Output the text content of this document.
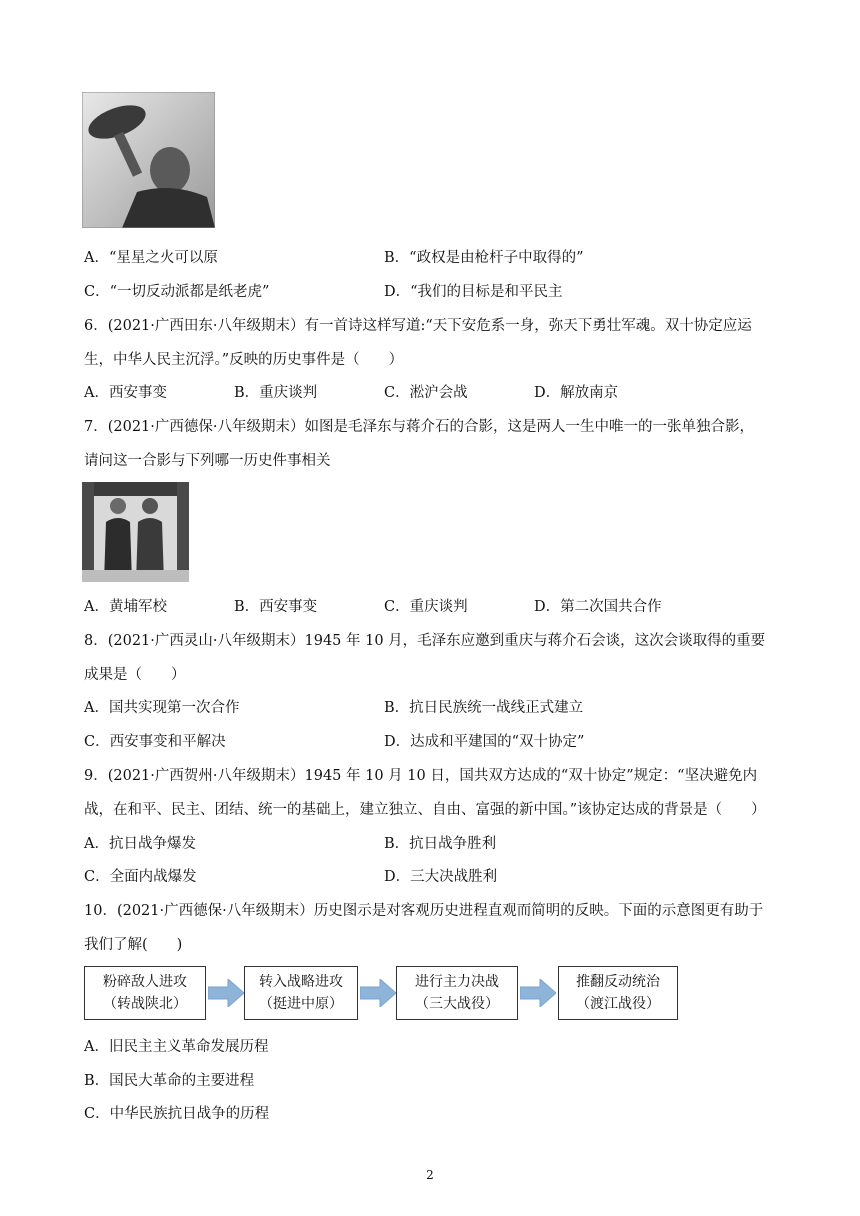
A．“星星之火可以原	B．“政权是由枪杆子中取得的”
C．“一切反动派都是纸老虎”	D．“我们的目标是和平民主
6．(2021·广西田东·八年级期末）有一首诗这样写道:“天下安危系一身，弥天下勇壮军魂。双十协定应运
生，中华人民主沉浮。”反映的历史事件是（　　）
A．西安事变	B．重庆谈判	C．淞沪会战	D．解放南京
7．(2021·广西德保·八年级期末）如图是毛泽东与蒋介石的合影，这是两人一生中唯一的一张单独合影，
请问这一合影与下列哪一历史件事相关
A．黄埔军校	B．西安事变	C．重庆谈判	D．第二次国共合作
8．(2021·广西灵山·八年级期末）1945 年 10 月，毛泽东应邀到重庆与蒋介石会谈，这次会谈取得的重要
成果是（　　）
A．国共实现第一次合作	B．抗日民族统一战线正式建立
C．西安事变和平解决	D．达成和平建国的“双十协定”
9．(2021·广西贺州·八年级期末）1945 年 10 月 10 日，国共双方达成的“双十协定”规定：“坚决避免内
战，在和平、民主、团结、统一的基础上，建立独立、自由、富强的新中国。”该协定达成的背景是（　　）
A．抗日战争爆发	B．抗日战争胜利
C．全面内战爆发	D．三大决战胜利
10．(2021·广西德保·八年级期末）历史图示是对客观历史进程直观而简明的反映。下面的示意图更有助于
我们了解(　　)
粉碎敌人进攻
（转战陕北）
转入战略进攻
（挺进中原）
进行主力决战
（三大战役）
推翻反动统治
（渡江战役）
A．旧民主主义革命发展历程
B．国民大革命的主要进程
C．中华民族抗日战争的历程
2
